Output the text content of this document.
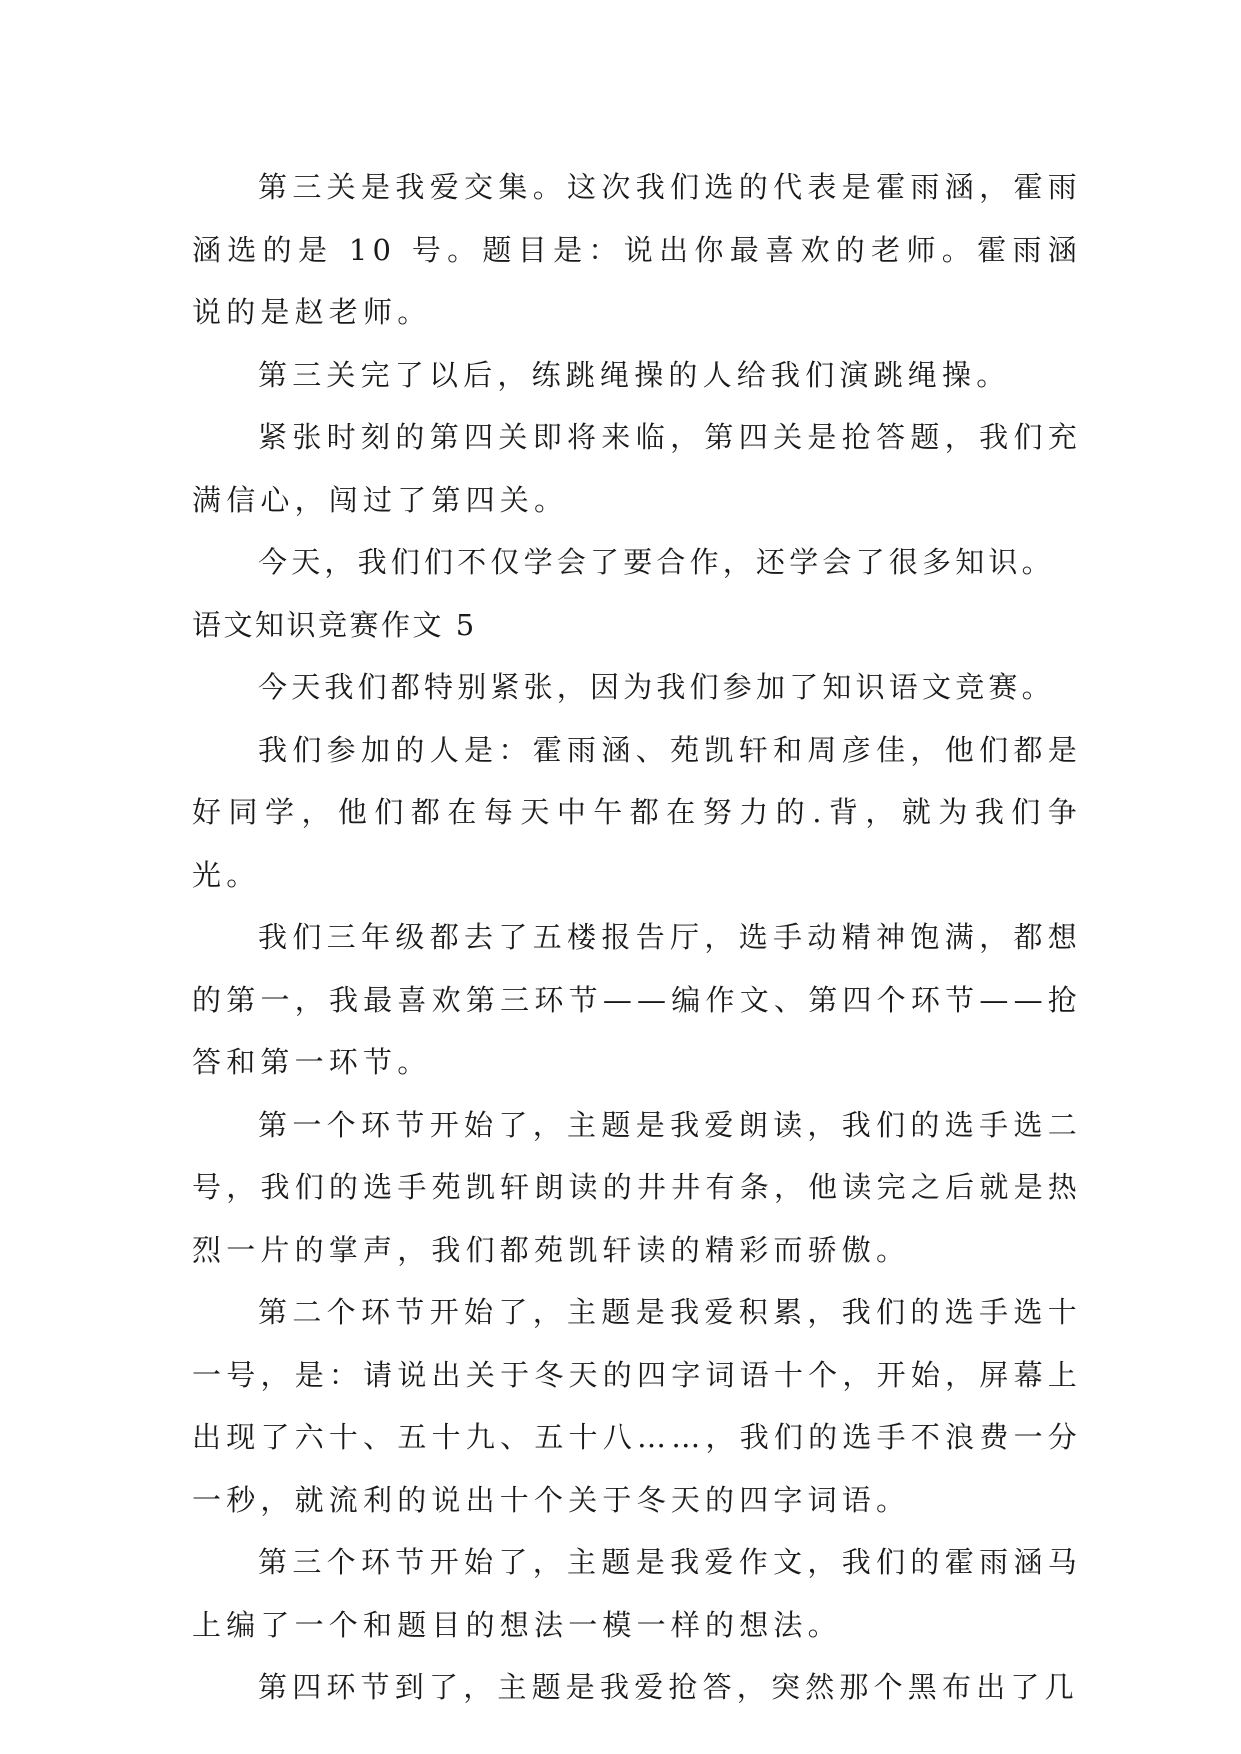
第三关是我爱交集。这次我们选的代表是霍雨涵，霍雨涵选的是 10 号。题目是：说出你最喜欢的老师。霍雨涵说的是赵老师。

第三关完了以后，练跳绳操的人给我们演跳绳操。

紧张时刻的第四关即将来临，第四关是抢答题，我们充满信心，闯过了第四关。

今天，我们们不仅学会了要合作，还学会了很多知识。

语文知识竞赛作文 5

今天我们都特别紧张，因为我们参加了知识语文竞赛。

我们参加的人是：霍雨涵、苑凯轩和周彦佳，他们都是好同学，他们都在每天中午都在努力的.背，就为我们争光。

我们三年级都去了五楼报告厅，选手动精神饱满，都想的第一，我最喜欢第三环节——编作文、第四个环节——抢答和第一环节。

第一个环节开始了，主题是我爱朗读，我们的选手选二号，我们的选手苑凯轩朗读的井井有条，他读完之后就是热烈一片的掌声，我们都苑凯轩读的精彩而骄傲。

第二个环节开始了，主题是我爱积累，我们的选手选十一号，是：请说出关于冬天的四字词语十个，开始，屏幕上出现了六十、五十九、五十八……，我们的选手不浪费一分一秒，就流利的说出十个关于冬天的四字词语。

第三个环节开始了，主题是我爱作文，我们的霍雨涵马上编了一个和题目的想法一模一样的想法。

第四环节到了，主题是我爱抢答，突然那个黑布出了几
